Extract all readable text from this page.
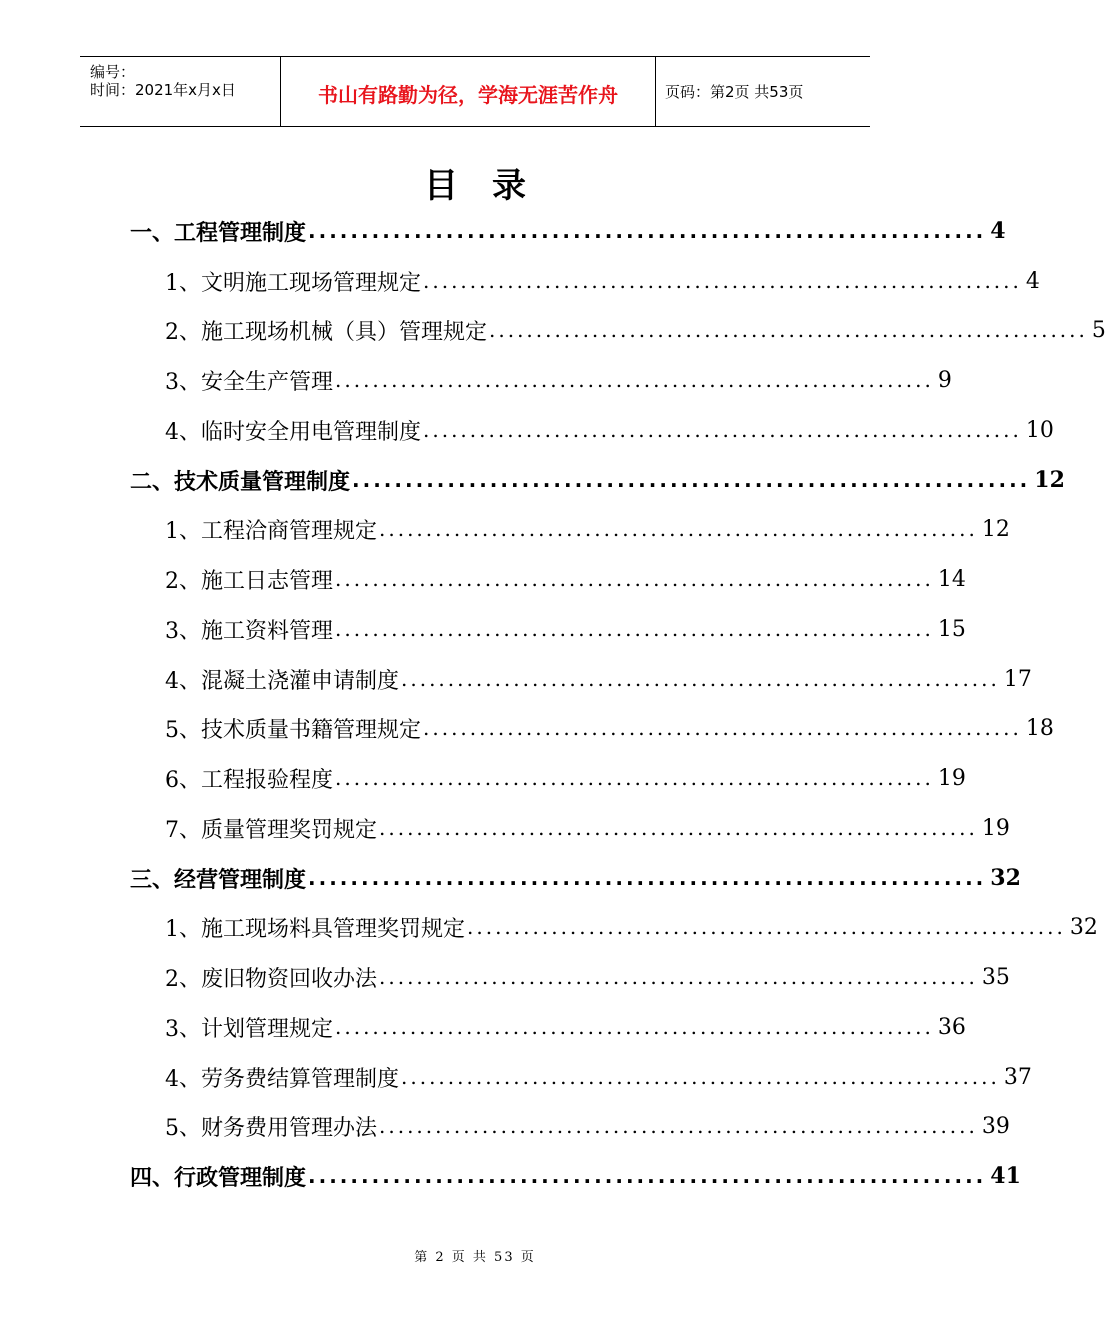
编号：
时间：2021年x月x日	书山有路勤为径，学海无涯苦作舟	页码：第2页 共53页
目录
一、工程管理制度 ................................................................ 4
1、文明施工现场管理规定 ................................................................ 4
2、施工现场机械（具）管理规定 ................................................................ 5
3、安全生产管理 ................................................................ 9
4、临时安全用电管理制度 ................................................................ 10
二、技术质量管理制度 ................................................................ 12
1、工程洽商管理规定 ................................................................ 12
2、施工日志管理 ................................................................ 14
3、施工资料管理 ................................................................ 15
4、混凝土浇灌申请制度 ................................................................ 17
5、技术质量书籍管理规定 ................................................................ 18
6、工程报验程度 ................................................................ 19
7、质量管理奖罚规定 ................................................................ 19
三、经营管理制度 ................................................................ 32
1、施工现场料具管理奖罚规定 ................................................................ 32
2、废旧物资回收办法 ................................................................ 35
3、计划管理规定 ................................................................ 36
4、劳务费结算管理制度 ................................................................ 37
5、财务费用管理办法 ................................................................ 39
四、行政管理制度 ................................................................ 41
第 2 页 共 53 页
